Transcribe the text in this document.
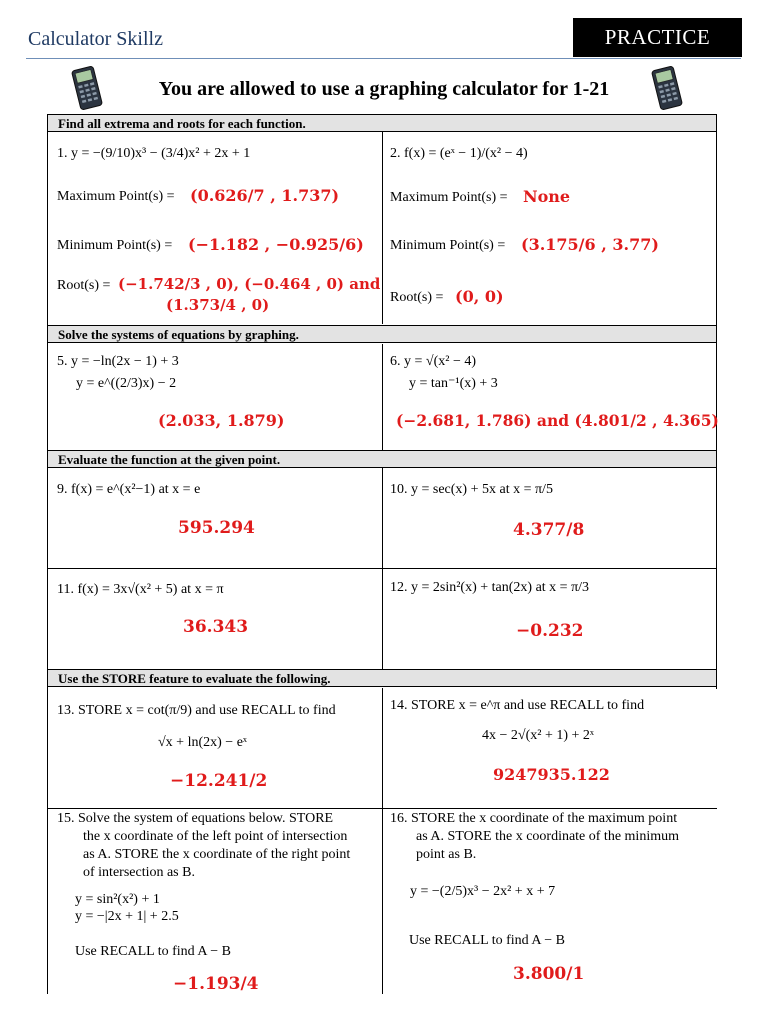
Calculator Skillz	PRACTICE
You are allowed to use a graphing calculator for 1-21
Find all extrema and roots for each function.
Solve the systems of equations by graphing.
Evaluate the function at the given point.
Use the STORE feature to evaluate the following.
1. y = −(9/10)x³ − (3/4)x² + 2x + 1
Maximum Point(s) = (0.626/7 , 1.737)
Minimum Point(s) = (−1.182 , −0.925/6)
Root(s) = (−1.742/3 , 0), (−0.464 , 0) and
(1.373/4 , 0)
2. f(x) = (eˣ − 1)/(x² − 4)
Maximum Point(s) = None
Minimum Point(s) = (3.175/6 , 3.77)
Root(s) = (0, 0)
5. y = −ln(2x − 1) + 3
y = e^((2/3)x) − 2
(2.033, 1.879)
6. y = √(x² − 4)
y = tan⁻¹(x) + 3
(−2.681, 1.786) and (4.801/2 , 4.365)
9. f(x) = e^(x²−1) at x = e
595.294
10. y = sec(x) + 5x at x = π/5
4.377/8
11. f(x) = 3x√(x² + 5) at x = π
36.343
12. y = 2sin²(x) + tan(2x) at x = π/3
−0.232
13. STORE x = cot(π/9) and use RECALL to find
√x + ln(2x) − eˣ
−12.241/2
14. STORE x = e^π and use RECALL to find
4x − 2√(x² + 1) + 2ˣ
9247935.122
15. Solve the system of equations below. STORE
the x coordinate of the left point of intersection
as A. STORE the x coordinate of the right point
of intersection as B.
y = sin²(x²) + 1
y = −|2x + 1| + 2.5
Use RECALL to find A − B
−1.193/4
16. STORE the x coordinate of the maximum point
as A. STORE the x coordinate of the minimum
point as B.
y = −(2/5)x³ − 2x² + x + 7
Use RECALL to find A − B
3.800/1
